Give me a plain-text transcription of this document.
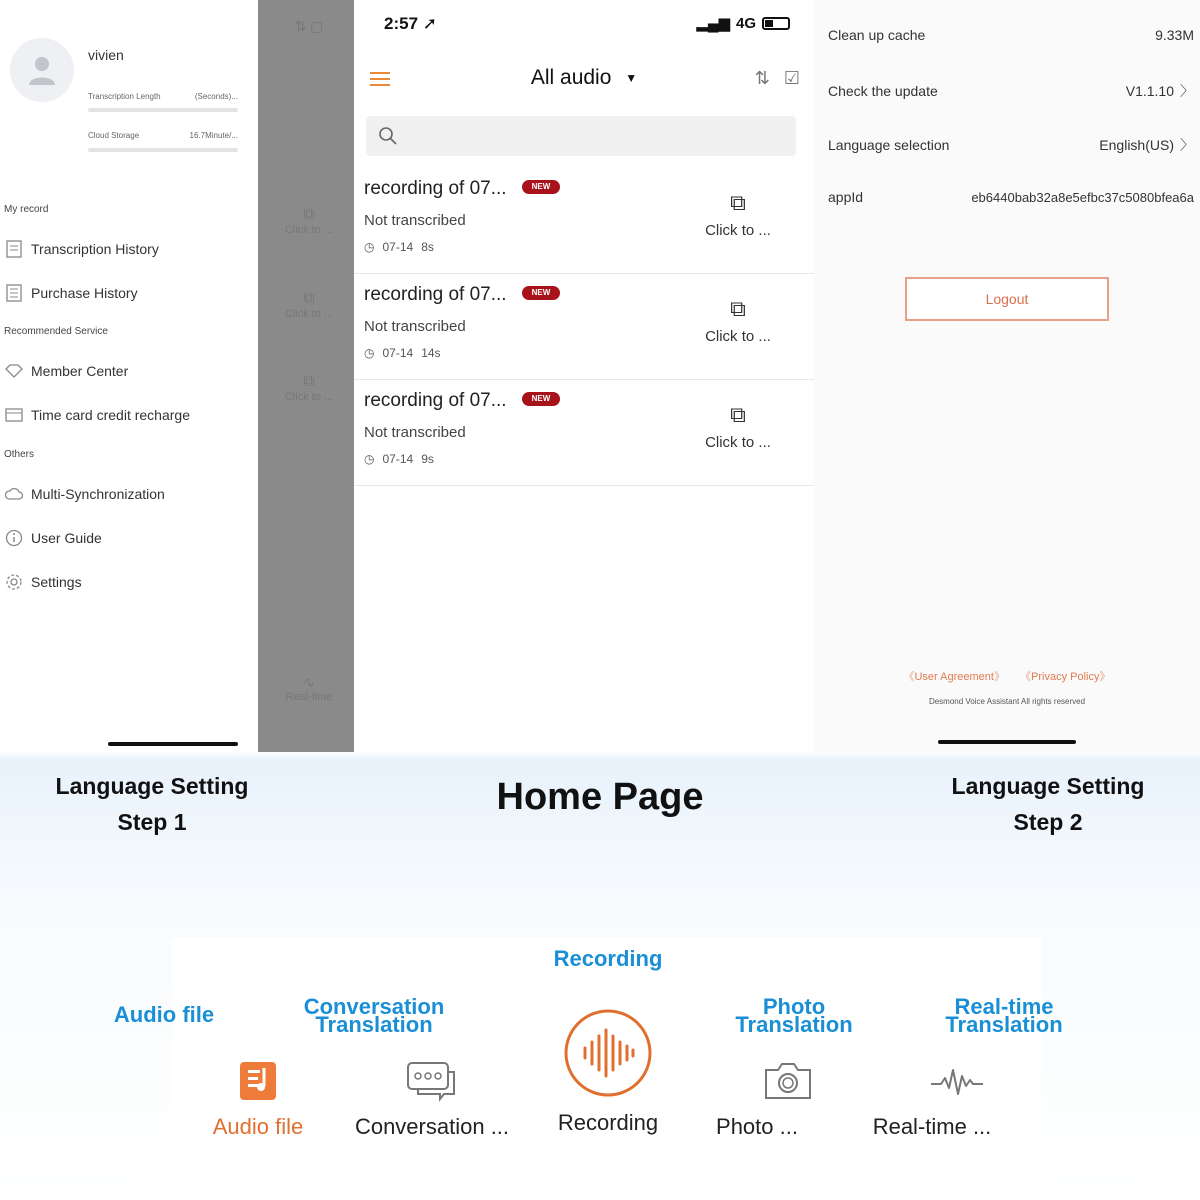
vivien
Transcription Length	(Seconds)...
Cloud Storage	16.7Minute/...
My record
Transcription History
Purchase History
Recommended Service
Member Center
Time card credit recharge
Others
Multi-Synchronization
User Guide
Settings
⇅ ▢
⧉
Click to ...
⧉
Click to ...
⧉
Click to ...
∿
Real-time
2:57 ➚	▂▄▆ 4G
All audio ▼	⇅ ☑
recording of 07...	NEW
Not transcribed
◷ 07-14 8s
⧉
Click to ...
recording of 07...	NEW
Not transcribed
◷ 07-14 14s
⧉
Click to ...
recording of 07...	NEW
Not transcribed
◷ 07-14 9s
⧉
Click to ...
Clean up cache	9.33M
Check the update	V1.1.10 〉
Language selection	English(US) 〉
appId	eb6440bab32a8e5efbc37c5080bfea6a
Logout
《User Agreement》 《Privacy Policy》
Desmond Voice Assistant All rights reserved
Language Setting
Step 1
Home Page	Language Setting
Step 2
Recording
Audio file	Conversation
Translation
Photo
Translation
Real-time
Translation
Audio file	Conversation ...	Recording	Photo ...	Real-time ...
